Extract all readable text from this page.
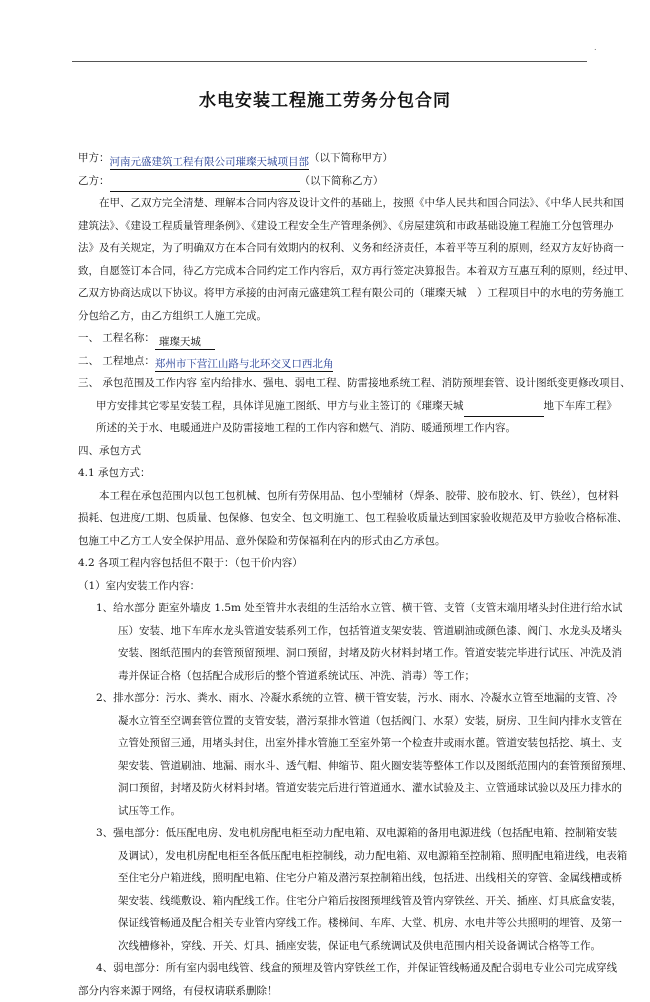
.
水电安装工程施工劳务分包合同
甲方：河南元盛建筑工程有限公司璀璨天城项目部（以下简称甲方）
乙方：	（以下简称乙方）
在甲、乙双方完全清楚、理解本合同内容及设计文件的基础上，按照《中华人民共和国合同法》、《中华人民共和国
建筑法》、《建设工程质量管理条例》、《建设工程安全生产管理条例》、《房屋建筑和市政基础设施工程施工分包管理办
法》及有关规定，为了明确双方在本合同有效期内的权利、义务和经济责任，本着平等互利的原则，经双方友好协商一
致，自愿签订本合同，待乙方完成本合同约定工作内容后，双方再行签定决算报告。本着双方互惠互利的原则，经过甲、
乙双方协商达成以下协议。将甲方承接的由河南元盛建筑工程有限公司的（璀璨天城　）工程项目中的水电的劳务施工
分包给乙方，由乙方组织工人施工完成。
一、 工程名称： 璀璨天城
二、 工程地点：郑州市下营江山路与北环交叉口西北角
三、 承包范围及工作内容 室内给排水、强电、弱电工程、防雷接地系统工程、消防预埋套管、设计图纸变更修改项目、
甲方安排其它零星安装工程，具体详见施工图纸、甲方与业主签订的《璀璨天城	地下车库工程》
所述的关于水、电暖通进户及防雷接地工程的工作内容和燃气、消防、暖通预埋工作内容。
四、承包方式
4.1 承包方式：
本工程在承包范围内以包工包机械、包所有劳保用品、包小型辅材（焊条、胶带、胶布胶水、钉、铁丝），包材料
损耗、包进度/工期、包质量、包保修、包安全、包文明施工、包工程验收质量达到国家验收规范及甲方验收合格标准、
包施工中乙方工人安全保护用品、意外保险和劳保福利在内的形式由乙方承包。
4.2 各项工程内容包括但不限于：（包干价内容）
（1）室内安装工作内容：
1、给水部分 距室外墙皮 1.5m 处至管井水表组的生活给水立管、横干管、支管（支管末端用堵头封住进行给水试
压）安装、地下车库水龙头管道安装系列工作，包括管道支架安装、管道刷油或颜色漆、阀门、水龙头及堵头
安装、图纸范围内的套管预留预埋、洞口预留，封堵及防火材料封堵工作。管道安装完毕进行试压、冲洗及消
毒并保证合格（包括配合成形后的整个管道系统试压、冲洗、消毒）等工作；
2、排水部分：污水、粪水、雨水、冷凝水系统的立管、横干管安装，污水、雨水、冷凝水立管至地漏的支管、冷
凝水立管至空调套管位置的支管安装，潜污泵排水管道（包括阀门、水泵）安装，厨房、卫生间内排水支管在
立管处预留三通，用堵头封住，出室外排水管施工至室外第一个检查井或雨水蓖。管道安装包括挖、填土、支
架安装、管道刷油、地漏、雨水斗、透气帽、伸缩节、阻火圈安装等整体工作以及图纸范围内的套管预留预埋、
洞口预留，封堵及防火材料封堵。管道安装完后进行管道通水、灌水试验及主、立管通球试验以及压力排水的
试压等工作。
3、强电部分：低压配电房、发电机房配电柜至动力配电箱、双电源箱的备用电源进线（包括配电箱、控制箱安装
及调试），发电机房配电柜至各低压配电柜控制线，动力配电箱、双电源箱至控制箱、照明配电箱进线，电表箱
至住宅分户箱进线，照明配电箱、住宅分户箱及潜污泵控制箱出线，包括进、出线相关的穿管、金属线槽或桥
架安装、线缆敷设、箱内配线工作。住宅分户箱后按图预埋线管及管内穿铁丝、开关、插座、灯具底盒安装，
保证线管畅通及配合相关专业管内穿线工作。楼梯间、车库、大堂、机房、水电井等公共照明的埋管、及第一
次线槽修补，穿线、开关、灯具、插座安装，保证电气系统调试及供电范围内相关设备调试合格等工作。
4、弱电部分：所有室内弱电线管、线盒的预埋及管内穿铁丝工作，并保证管线畅通及配合弱电专业公司完成穿线
部分内容来源于网络，有侵权请联系删除！
